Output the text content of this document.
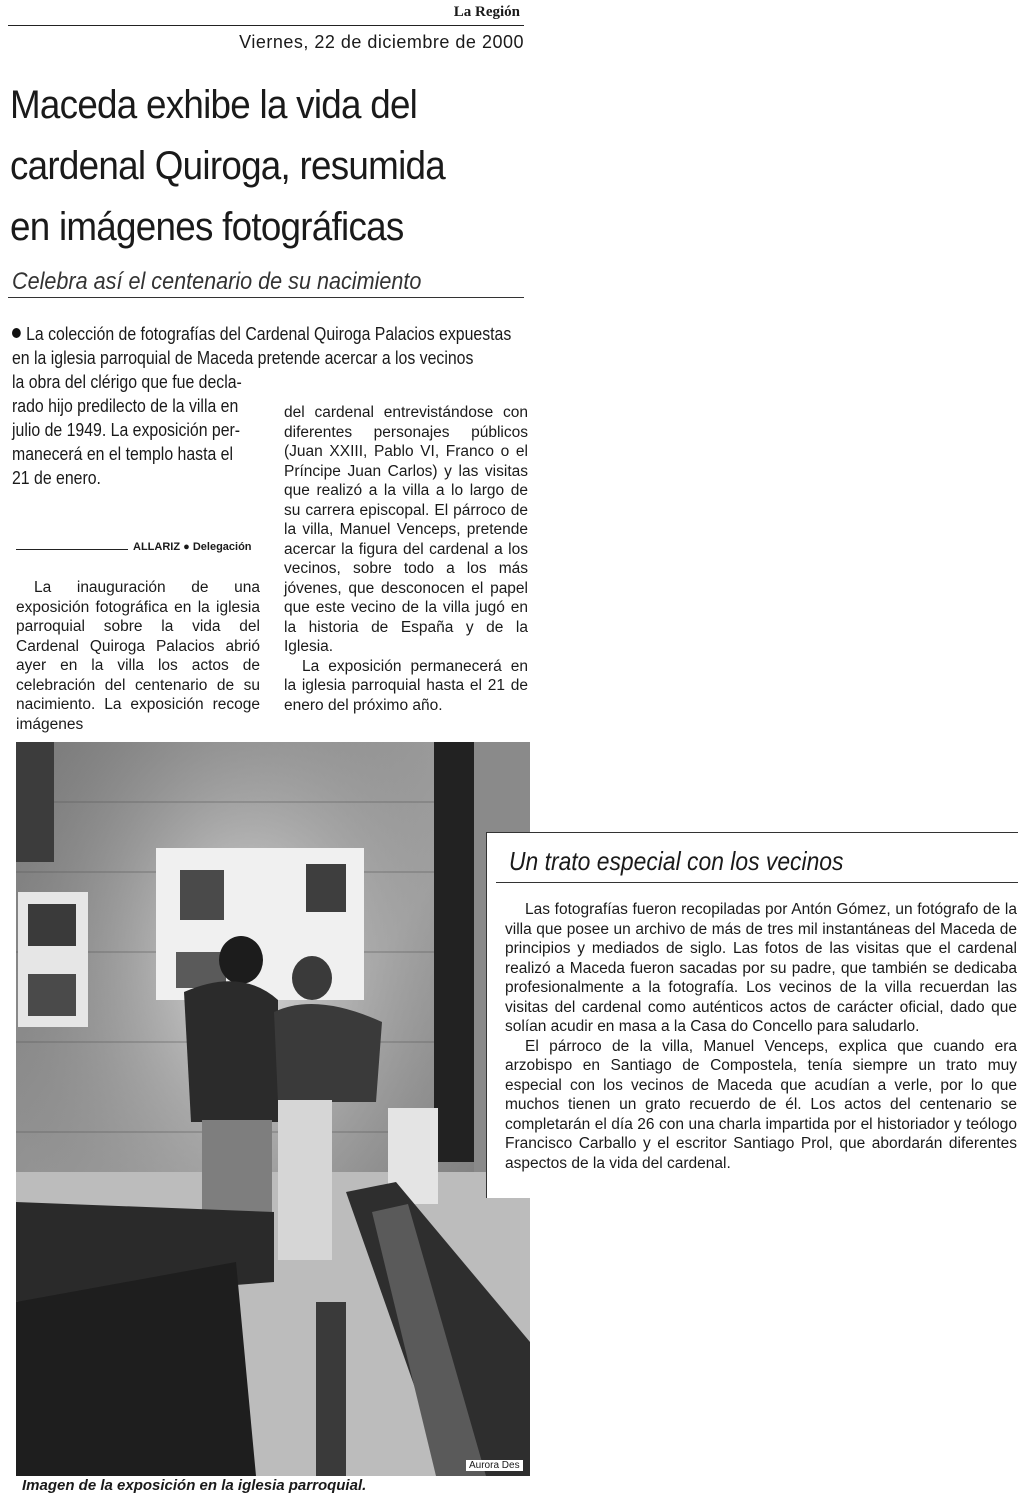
La Región
Viernes, 22 de diciembre de 2000
Maceda exhibe la vida del
cardenal Quiroga, resumida
en imágenes fotográficas
Celebra así el centenario de su nacimiento
La colección de fotografías del Cardenal Quiroga Palacios expuestas
en la iglesia parroquial de Maceda pretende acercar a los vecinos
la obra del clérigo que fue decla-
rado hijo predilecto de la villa en
julio de 1949. La exposición per-
manecerá en el templo hasta el
21 de enero.
ALLARIZ ● Delegación

La inauguración de una exposición fotográfica en la iglesia parroquial sobre la vida del Cardenal Quiroga Palacios abrió ayer en la villa los actos de celebración del centenario de su nacimiento. La exposición recoge imágenes

del cardenal entrevistándose con diferentes personajes públicos (Juan XXIII, Pablo VI, Franco o el Príncipe Juan Carlos) y las visitas que realizó a la villa a lo largo de su carrera episcopal. El párroco de la villa, Manuel Venceps, pretende acercar la figura del cardenal a los vecinos, sobre todo a los más jóvenes, que desconocen el papel que este vecino de la villa jugó en la historia de España y de la Iglesia.

La exposición permanecerá en la iglesia parroquial hasta el 21 de enero del próximo año.

Aurora Des
Imagen de la exposición en la iglesia parroquial.
Un trato especial con los vecinos

Las fotografías fueron recopiladas por Antón Gómez, un fotógrafo de la villa que posee un archivo de más de tres mil instantáneas del Maceda de principios y mediados de siglo. Las fotos de las visitas que el cardenal realizó a Maceda fueron sacadas por su padre, que también se dedicaba profesionalmente a la fotografía. Los vecinos de la villa recuerdan las visitas del cardenal como auténticos actos de carácter oficial, dado que solían acudir en masa a la Casa do Concello para saludarlo.

El párroco de la villa, Manuel Venceps, explica que cuando era arzobispo en Santiago de Compostela, tenía siempre un trato muy especial con los vecinos de Maceda que acudían a verle, por lo que muchos tienen un grato recuerdo de él. Los actos del centenario se completarán el día 26 con una charla impartida por el historiador y teólogo Francisco Carballo y el escritor Santiago Prol, que abordarán diferentes aspectos de la vida del cardenal.
